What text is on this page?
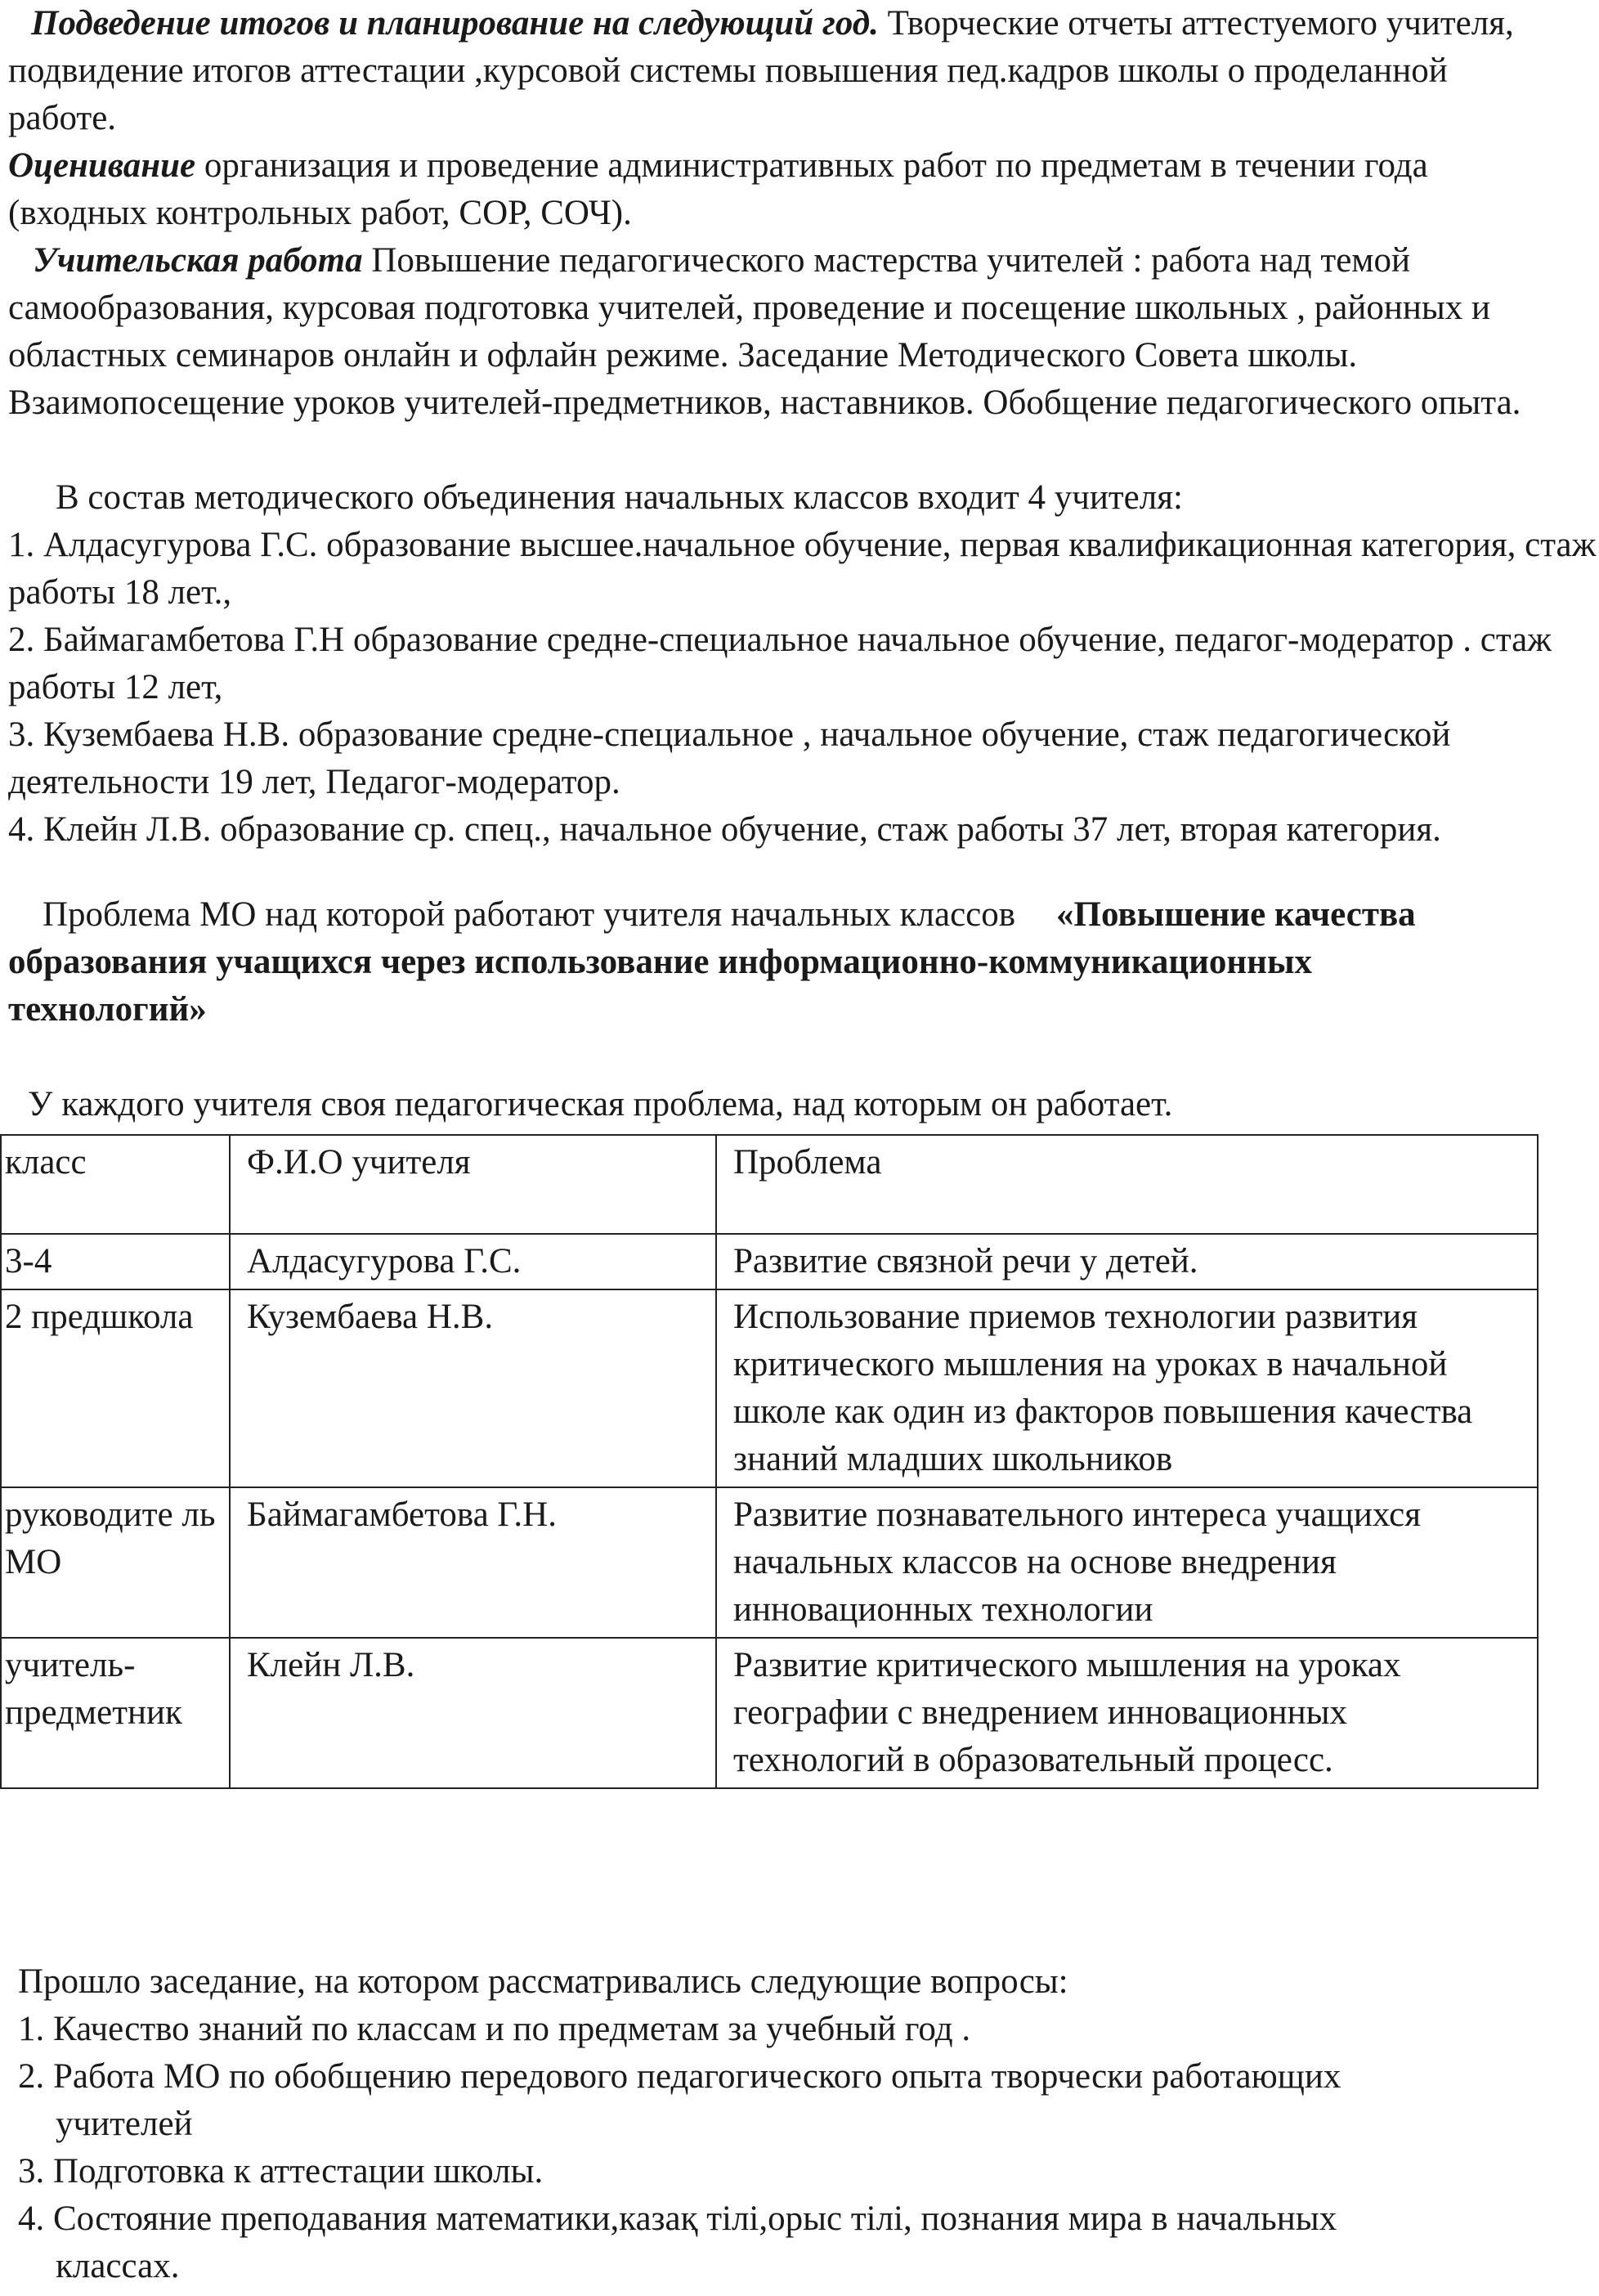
Подведение итогов и планирование на следующий год. Творческие отчеты аттестуемого учителя, подвидение итогов аттестации ,курсовой системы повышения пед.кадров школы о проделанной работе.

Оценивание организация и проведение административных работ по предметам в течении года (входных контрольных работ, СОР, СОЧ).

Учительская работа Повышение педагогического мастерства учителей : работа над темой самообразования, курсовая подготовка учителей, проведение и посещение школьных , районных и областных семинаров онлайн и офлайн режиме. Заседание Методического Совета школы. Взаимопосещение уроков учителей-предметников, наставников. Обобщение педагогического опыта.

В состав методического объединения начальных классов входит 4 учителя:

1. Алдасугурова Г.С. образование высшее.начальное обучение, первая квалификационная категория, стаж работы 18 лет.,
2. Баймагамбетова Г.Н образование средне-специальное начальное обучение, педагог-модератор . стаж работы 12 лет,
3. Кузембаева Н.В. образование средне-специальное , начальное обучение, стаж педагогической деятельности 19 лет, Педагог-модератор.
4. Клейн Л.В. образование ср. спец., начальное обучение, стаж работы 37 лет, вторая категория.

Проблема МО над которой работают учителя начальных классов «Повышение качества образования учащихся через использование информационно-коммуникационных технологий»

У каждого учителя своя педагогическая проблема, над которым он работает.

класс	Ф.И.О учителя	Проблема
3-4	Алдасугурова Г.С.	Развитие связной речи у детей.
2 предшкола	Кузембаева Н.В.	Использование приемов технологии развития критического мышления на уроках в начальной школе как один из факторов повышения качества знаний младших школьников
руководите ль МО	Баймагамбетова Г.Н.	Развитие познавательного интереса учащихся начальных классов на основе внедрения инновационных технологии
учитель-предметник	Клейн Л.В.	Развитие критического мышления на уроках географии с внедрением инновационных технологий в образовательный процесс.

Прошло заседание, на котором рассматривались следующие вопросы:

1. Качество знаний по классам и по предметам за учебный год .
2. Работа МО по обобщению передового педагогического опыта творчески работающих учителей
3. Подготовка к аттестации школы.
4. Состояние преподавания математики,казақ тілі,орыс тілі, познания мира в начальных классах.
